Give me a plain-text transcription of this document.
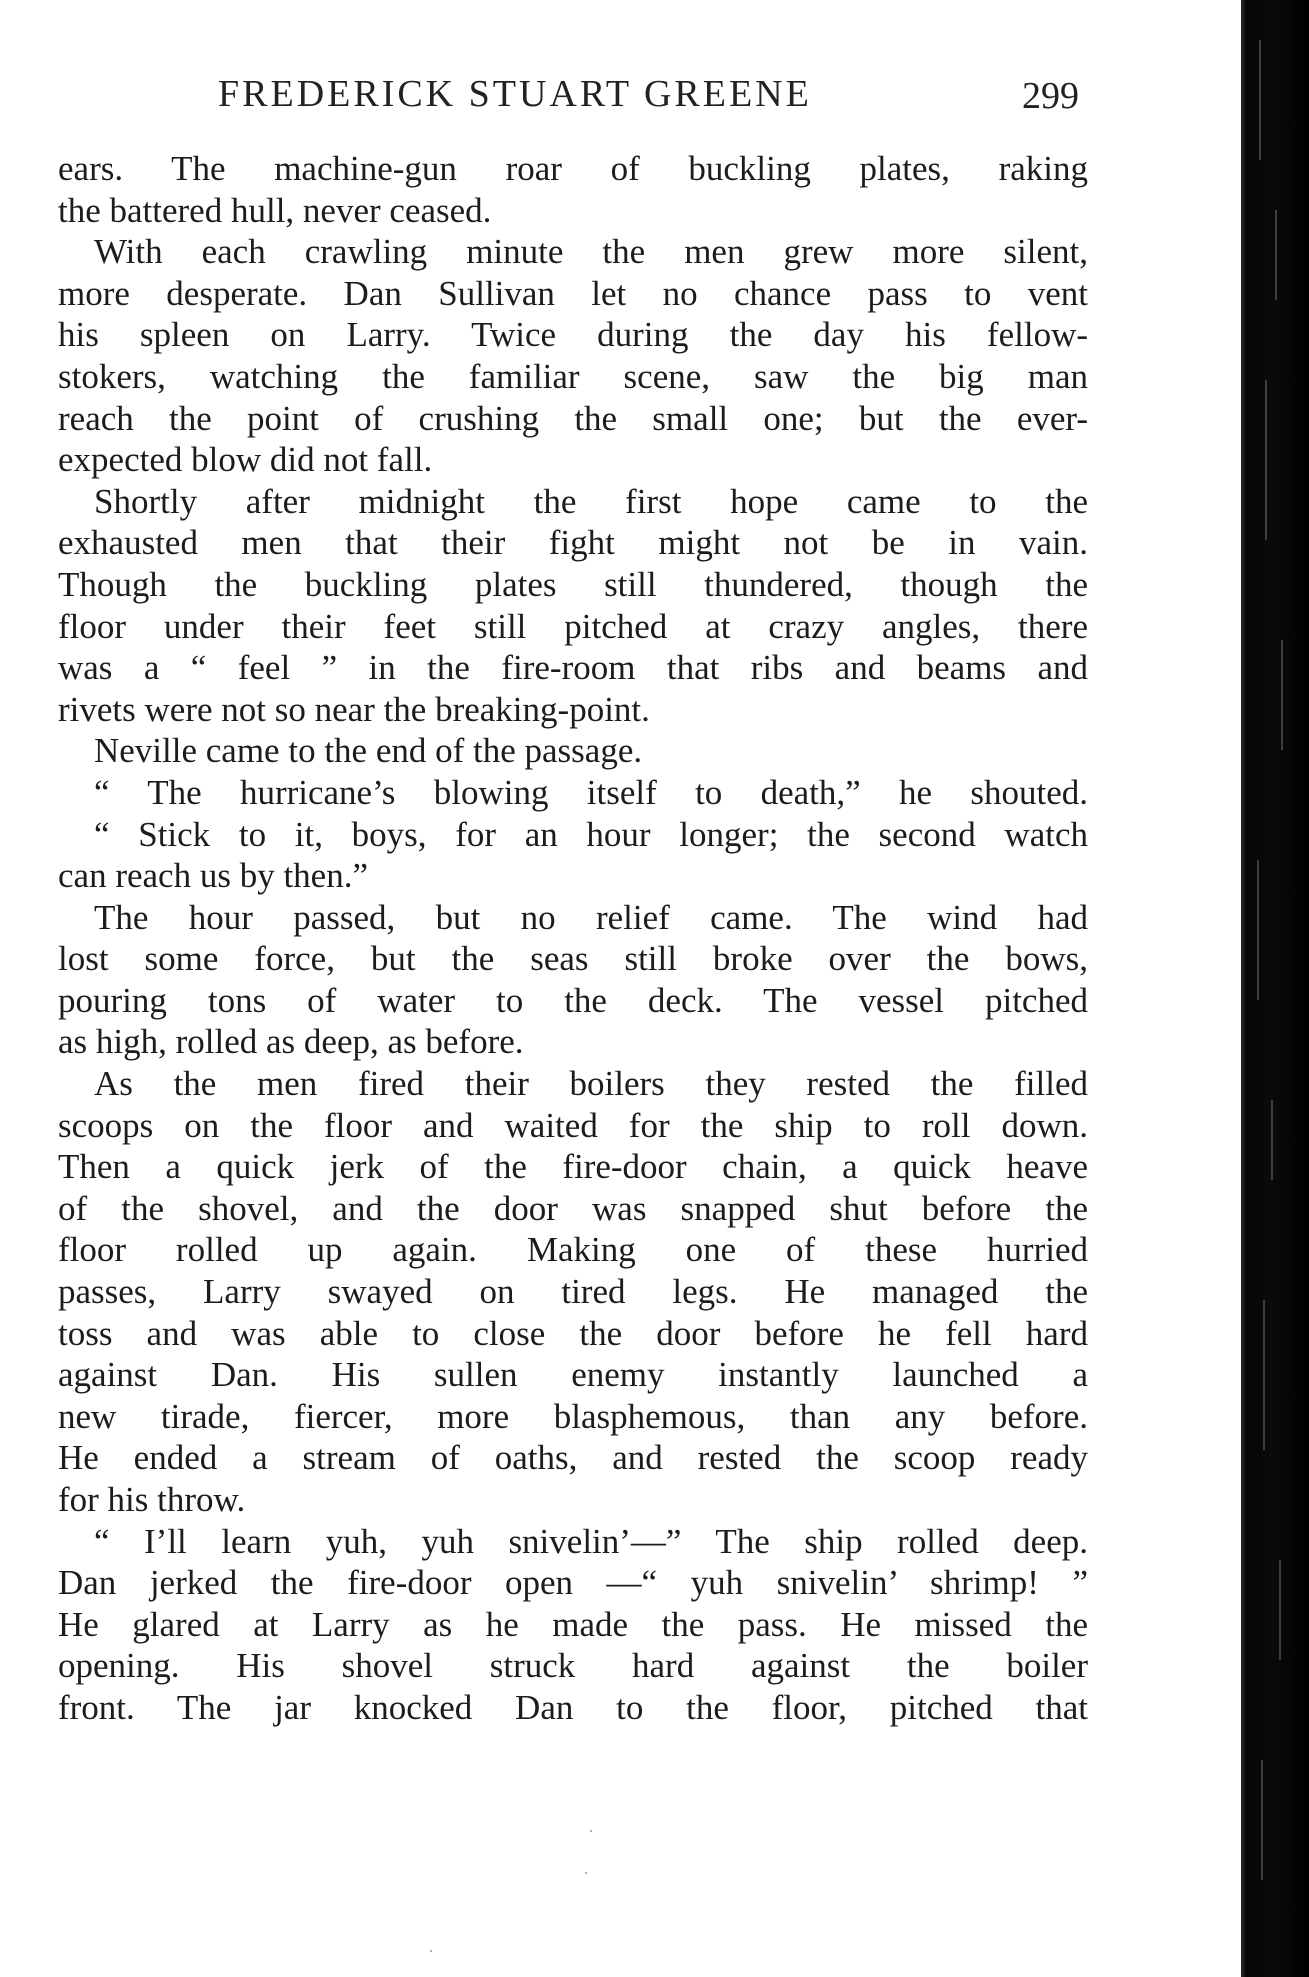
FREDERICK STUART GREENE	299
ears. The machine-gun roar of buckling plates, raking
the battered hull, never ceased.
With each crawling minute the men grew more silent,
more desperate. Dan Sullivan let no chance pass to vent
his spleen on Larry. Twice during the day his fellow-
stokers, watching the familiar scene, saw the big man
reach the point of crushing the small one; but the ever-
expected blow did not fall.
Shortly after midnight the first hope came to the
exhausted men that their fight might not be in vain.
Though the buckling plates still thundered, though the
floor under their feet still pitched at crazy angles, there
was a “ feel ” in the fire-room that ribs and beams and
rivets were not so near the breaking-point.
Neville came to the end of the passage.
“ The hurricane’s blowing itself to death,” he shouted.
“ Stick to it, boys, for an hour longer; the second watch
can reach us by then.”
The hour passed, but no relief came. The wind had
lost some force, but the seas still broke over the bows,
pouring tons of water to the deck. The vessel pitched
as high, rolled as deep, as before.
As the men fired their boilers they rested the filled
scoops on the floor and waited for the ship to roll down.
Then a quick jerk of the fire-door chain, a quick heave
of the shovel, and the door was snapped shut before the
floor rolled up again. Making one of these hurried
passes, Larry swayed on tired legs. He managed the
toss and was able to close the door before he fell hard
against Dan. His sullen enemy instantly launched a
new tirade, fiercer, more blasphemous, than any before.
He ended a stream of oaths, and rested the scoop ready
for his throw.
“ I’ll learn yuh, yuh snivelin’—” The ship rolled deep.
Dan jerked the fire-door open —“ yuh snivelin’ shrimp! ”
He glared at Larry as he made the pass. He missed the
opening. His shovel struck hard against the boiler
front. The jar knocked Dan to the floor, pitched that
